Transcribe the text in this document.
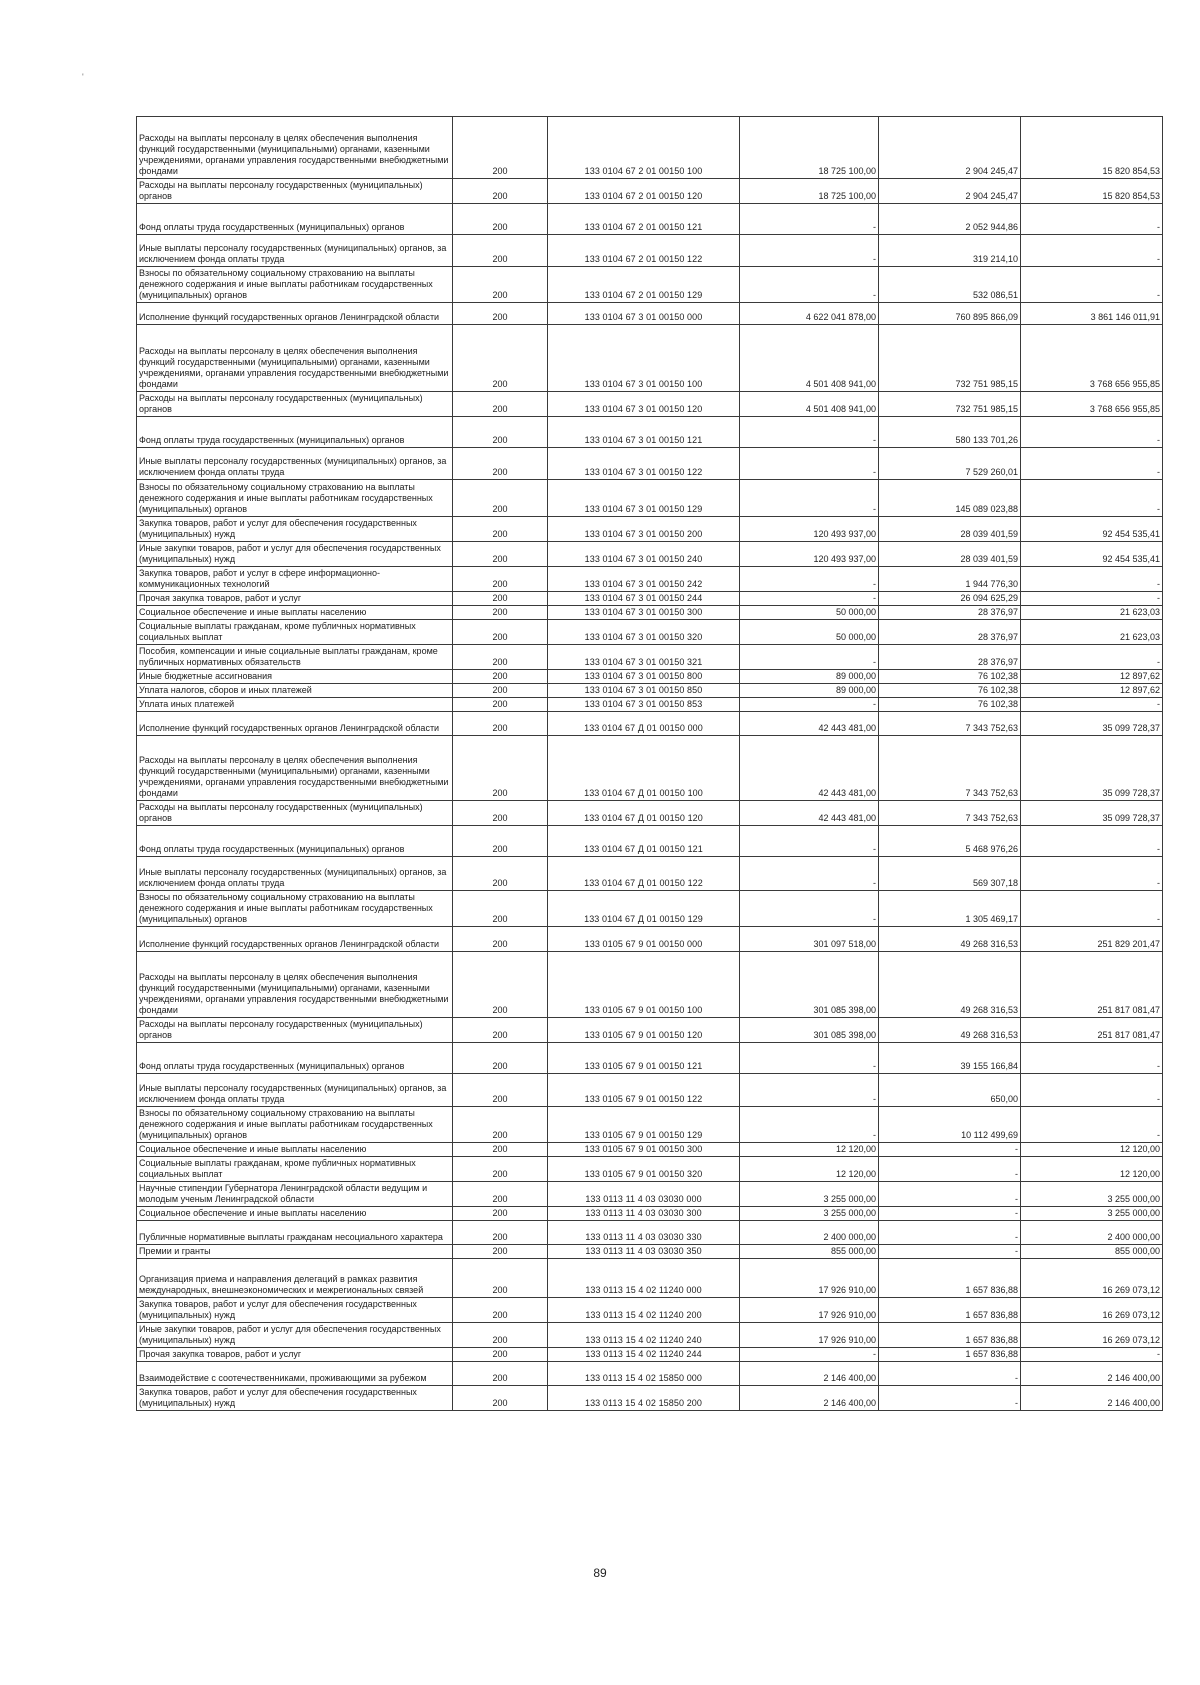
'
Расходы на выплаты персоналу в целях обеспечения выполнения функций государственными (муниципальными) органами, казенными учреждениями, органами управления государственными внебюджетными фондами	200	133 0104 67 2 01 00150 100	18 725 100,00	2 904 245,47	15 820 854,53

Расходы на выплаты персоналу государственных (муниципальных) органов	200	133 0104 67 2 01 00150 120	18 725 100,00	2 904 245,47	15 820 854,53

Фонд оплаты труда государственных (муниципальных) органов	200	133 0104 67 2 01 00150 121	-	2 052 944,86	-

Иные выплаты персоналу государственных (муниципальных) органов, за исключением фонда оплаты труда	200	133 0104 67 2 01 00150 122	-	319 214,10	-

Взносы по обязательному социальному страхованию на выплаты денежного содержания и иные выплаты работникам государственных (муниципальных) органов	200	133 0104 67 2 01 00150 129	-	532 086,51	-

Исполнение функций государственных органов Ленинградской области	200	133 0104 67 3 01 00150 000	4 622 041 878,00	760 895 866,09	3 861 146 011,91

Расходы на выплаты персоналу в целях обеспечения выполнения функций государственными (муниципальными) органами, казенными учреждениями, органами управления государственными внебюджетными фондами	200	133 0104 67 3 01 00150 100	4 501 408 941,00	732 751 985,15	3 768 656 955,85

Расходы на выплаты персоналу государственных (муниципальных) органов	200	133 0104 67 3 01 00150 120	4 501 408 941,00	732 751 985,15	3 768 656 955,85

Фонд оплаты труда государственных (муниципальных) органов	200	133 0104 67 3 01 00150 121	-	580 133 701,26	-

Иные выплаты персоналу государственных (муниципальных) органов, за исключением фонда оплаты труда	200	133 0104 67 3 01 00150 122	-	7 529 260,01	-

Взносы по обязательному социальному страхованию на выплаты денежного содержания и иные выплаты работникам государственных (муниципальных) органов	200	133 0104 67 3 01 00150 129	-	145 089 023,88	-

Закупка товаров, работ и услуг для обеспечения государственных (муниципальных) нужд	200	133 0104 67 3 01 00150 200	120 493 937,00	28 039 401,59	92 454 535,41

Иные закупки товаров, работ и услуг для обеспечения государственных (муниципальных) нужд	200	133 0104 67 3 01 00150 240	120 493 937,00	28 039 401,59	92 454 535,41

Закупка товаров, работ и услуг в сфере информационно-коммуникационных технологий	200	133 0104 67 3 01 00150 242	-	1 944 776,30	-

Прочая закупка товаров, работ и услуг	200	133 0104 67 3 01 00150 244	-	26 094 625,29	-

Социальное обеспечение и иные выплаты населению	200	133 0104 67 3 01 00150 300	50 000,00	28 376,97	21 623,03

Социальные выплаты гражданам, кроме публичных нормативных социальных выплат	200	133 0104 67 3 01 00150 320	50 000,00	28 376,97	21 623,03

Пособия, компенсации и иные социальные выплаты гражданам, кроме публичных нормативных обязательств	200	133 0104 67 3 01 00150 321	-	28 376,97	-

Иные бюджетные ассигнования	200	133 0104 67 3 01 00150 800	89 000,00	76 102,38	12 897,62

Уплата налогов, сборов и иных платежей	200	133 0104 67 3 01 00150 850	89 000,00	76 102,38	12 897,62

Уплата иных платежей	200	133 0104 67 3 01 00150 853	-	76 102,38	-

Исполнение функций государственных органов Ленинградской области	200	133 0104 67 Д 01 00150 000	42 443 481,00	7 343 752,63	35 099 728,37

Расходы на выплаты персоналу в целях обеспечения выполнения функций государственными (муниципальными) органами, казенными учреждениями, органами управления государственными внебюджетными фондами	200	133 0104 67 Д 01 00150 100	42 443 481,00	7 343 752,63	35 099 728,37

Расходы на выплаты персоналу государственных (муниципальных) органов	200	133 0104 67 Д 01 00150 120	42 443 481,00	7 343 752,63	35 099 728,37

Фонд оплаты труда государственных (муниципальных) органов	200	133 0104 67 Д 01 00150 121	-	5 468 976,26	-

Иные выплаты персоналу государственных (муниципальных) органов, за исключением фонда оплаты труда	200	133 0104 67 Д 01 00150 122	-	569 307,18	-

Взносы по обязательному социальному страхованию на выплаты денежного содержания и иные выплаты работникам государственных (муниципальных) органов	200	133 0104 67 Д 01 00150 129	-	1 305 469,17	-

Исполнение функций государственных органов Ленинградской области	200	133 0105 67 9 01 00150 000	301 097 518,00	49 268 316,53	251 829 201,47

Расходы на выплаты персоналу в целях обеспечения выполнения функций государственными (муниципальными) органами, казенными учреждениями, органами управления государственными внебюджетными фондами	200	133 0105 67 9 01 00150 100	301 085 398,00	49 268 316,53	251 817 081,47

Расходы на выплаты персоналу государственных (муниципальных) органов	200	133 0105 67 9 01 00150 120	301 085 398,00	49 268 316,53	251 817 081,47

Фонд оплаты труда государственных (муниципальных) органов	200	133 0105 67 9 01 00150 121	-	39 155 166,84	-

Иные выплаты персоналу государственных (муниципальных) органов, за исключением фонда оплаты труда	200	133 0105 67 9 01 00150 122	-	650,00	-

Взносы по обязательному социальному страхованию на выплаты денежного содержания и иные выплаты работникам государственных (муниципальных) органов	200	133 0105 67 9 01 00150 129	-	10 112 499,69	-

Социальное обеспечение и иные выплаты населению	200	133 0105 67 9 01 00150 300	12 120,00	-	12 120,00

Социальные выплаты гражданам, кроме публичных нормативных социальных выплат	200	133 0105 67 9 01 00150 320	12 120,00	-	12 120,00

Научные стипендии Губернатора Ленинградской области ведущим и молодым ученым Ленинградской области	200	133 0113 11 4 03 03030 000	3 255 000,00	-	3 255 000,00

Социальное обеспечение и иные выплаты населению	200	133 0113 11 4 03 03030 300	3 255 000,00	-	3 255 000,00

Публичные нормативные выплаты гражданам несоциального характера	200	133 0113 11 4 03 03030 330	2 400 000,00	-	2 400 000,00

Премии и гранты	200	133 0113 11 4 03 03030 350	855 000,00	-	855 000,00

Организация приема и направления делегаций в рамках развития международных, внешнеэкономических и межрегиональных связей	200	133 0113 15 4 02 11240 000	17 926 910,00	1 657 836,88	16 269 073,12

Закупка товаров, работ и услуг для обеспечения государственных (муниципальных) нужд	200	133 0113 15 4 02 11240 200	17 926 910,00	1 657 836,88	16 269 073,12

Иные закупки товаров, работ и услуг для обеспечения государственных (муниципальных) нужд	200	133 0113 15 4 02 11240 240	17 926 910,00	1 657 836,88	16 269 073,12

Прочая закупка товаров, работ и услуг	200	133 0113 15 4 02 11240 244	-	1 657 836,88	-

Взаимодействие с соотечественниками, проживающими за рубежом	200	133 0113 15 4 02 15850 000	2 146 400,00	-	2 146 400,00

Закупка товаров, работ и услуг для обеспечения государственных (муниципальных) нужд	200	133 0113 15 4 02 15850 200	2 146 400,00	-	2 146 400,00
89
